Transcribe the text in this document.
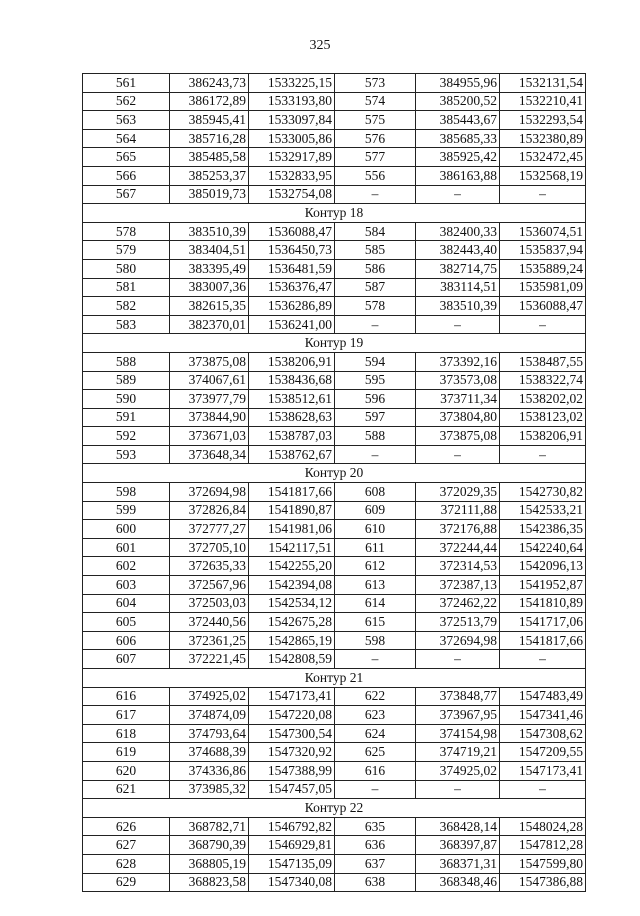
325
561	386243,73	1533225,15	573	384955,96	1532131,54
562	386172,89	1533193,80	574	385200,52	1532210,41
563	385945,41	1533097,84	575	385443,67	1532293,54
564	385716,28	1533005,86	576	385685,33	1532380,89
565	385485,58	1532917,89	577	385925,42	1532472,45
566	385253,37	1532833,95	556	386163,88	1532568,19
567	385019,73	1532754,08	–	–	–
Контур 18					
578	383510,39	1536088,47	584	382400,33	1536074,51
579	383404,51	1536450,73	585	382443,40	1535837,94
580	383395,49	1536481,59	586	382714,75	1535889,24
581	383007,36	1536376,47	587	383114,51	1535981,09
582	382615,35	1536286,89	578	383510,39	1536088,47
583	382370,01	1536241,00	–	–	–
Контур 19					
588	373875,08	1538206,91	594	373392,16	1538487,55
589	374067,61	1538436,68	595	373573,08	1538322,74
590	373977,79	1538512,61	596	373711,34	1538202,02
591	373844,90	1538628,63	597	373804,80	1538123,02
592	373671,03	1538787,03	588	373875,08	1538206,91
593	373648,34	1538762,67	–	–	–
Контур 20					
598	372694,98	1541817,66	608	372029,35	1542730,82
599	372826,84	1541890,87	609	372111,88	1542533,21
600	372777,27	1541981,06	610	372176,88	1542386,35
601	372705,10	1542117,51	611	372244,44	1542240,64
602	372635,33	1542255,20	612	372314,53	1542096,13
603	372567,96	1542394,08	613	372387,13	1541952,87
604	372503,03	1542534,12	614	372462,22	1541810,89
605	372440,56	1542675,28	615	372513,79	1541717,06
606	372361,25	1542865,19	598	372694,98	1541817,66
607	372221,45	1542808,59	–	–	–
Контур 21					
616	374925,02	1547173,41	622	373848,77	1547483,49
617	374874,09	1547220,08	623	373967,95	1547341,46
618	374793,64	1547300,54	624	374154,98	1547308,62
619	374688,39	1547320,92	625	374719,21	1547209,55
620	374336,86	1547388,99	616	374925,02	1547173,41
621	373985,32	1547457,05	–	–	–
Контур 22					
626	368782,71	1546792,82	635	368428,14	1548024,28
627	368790,39	1546929,81	636	368397,87	1547812,28
628	368805,19	1547135,09	637	368371,31	1547599,80
629	368823,58	1547340,08	638	368348,46	1547386,88
